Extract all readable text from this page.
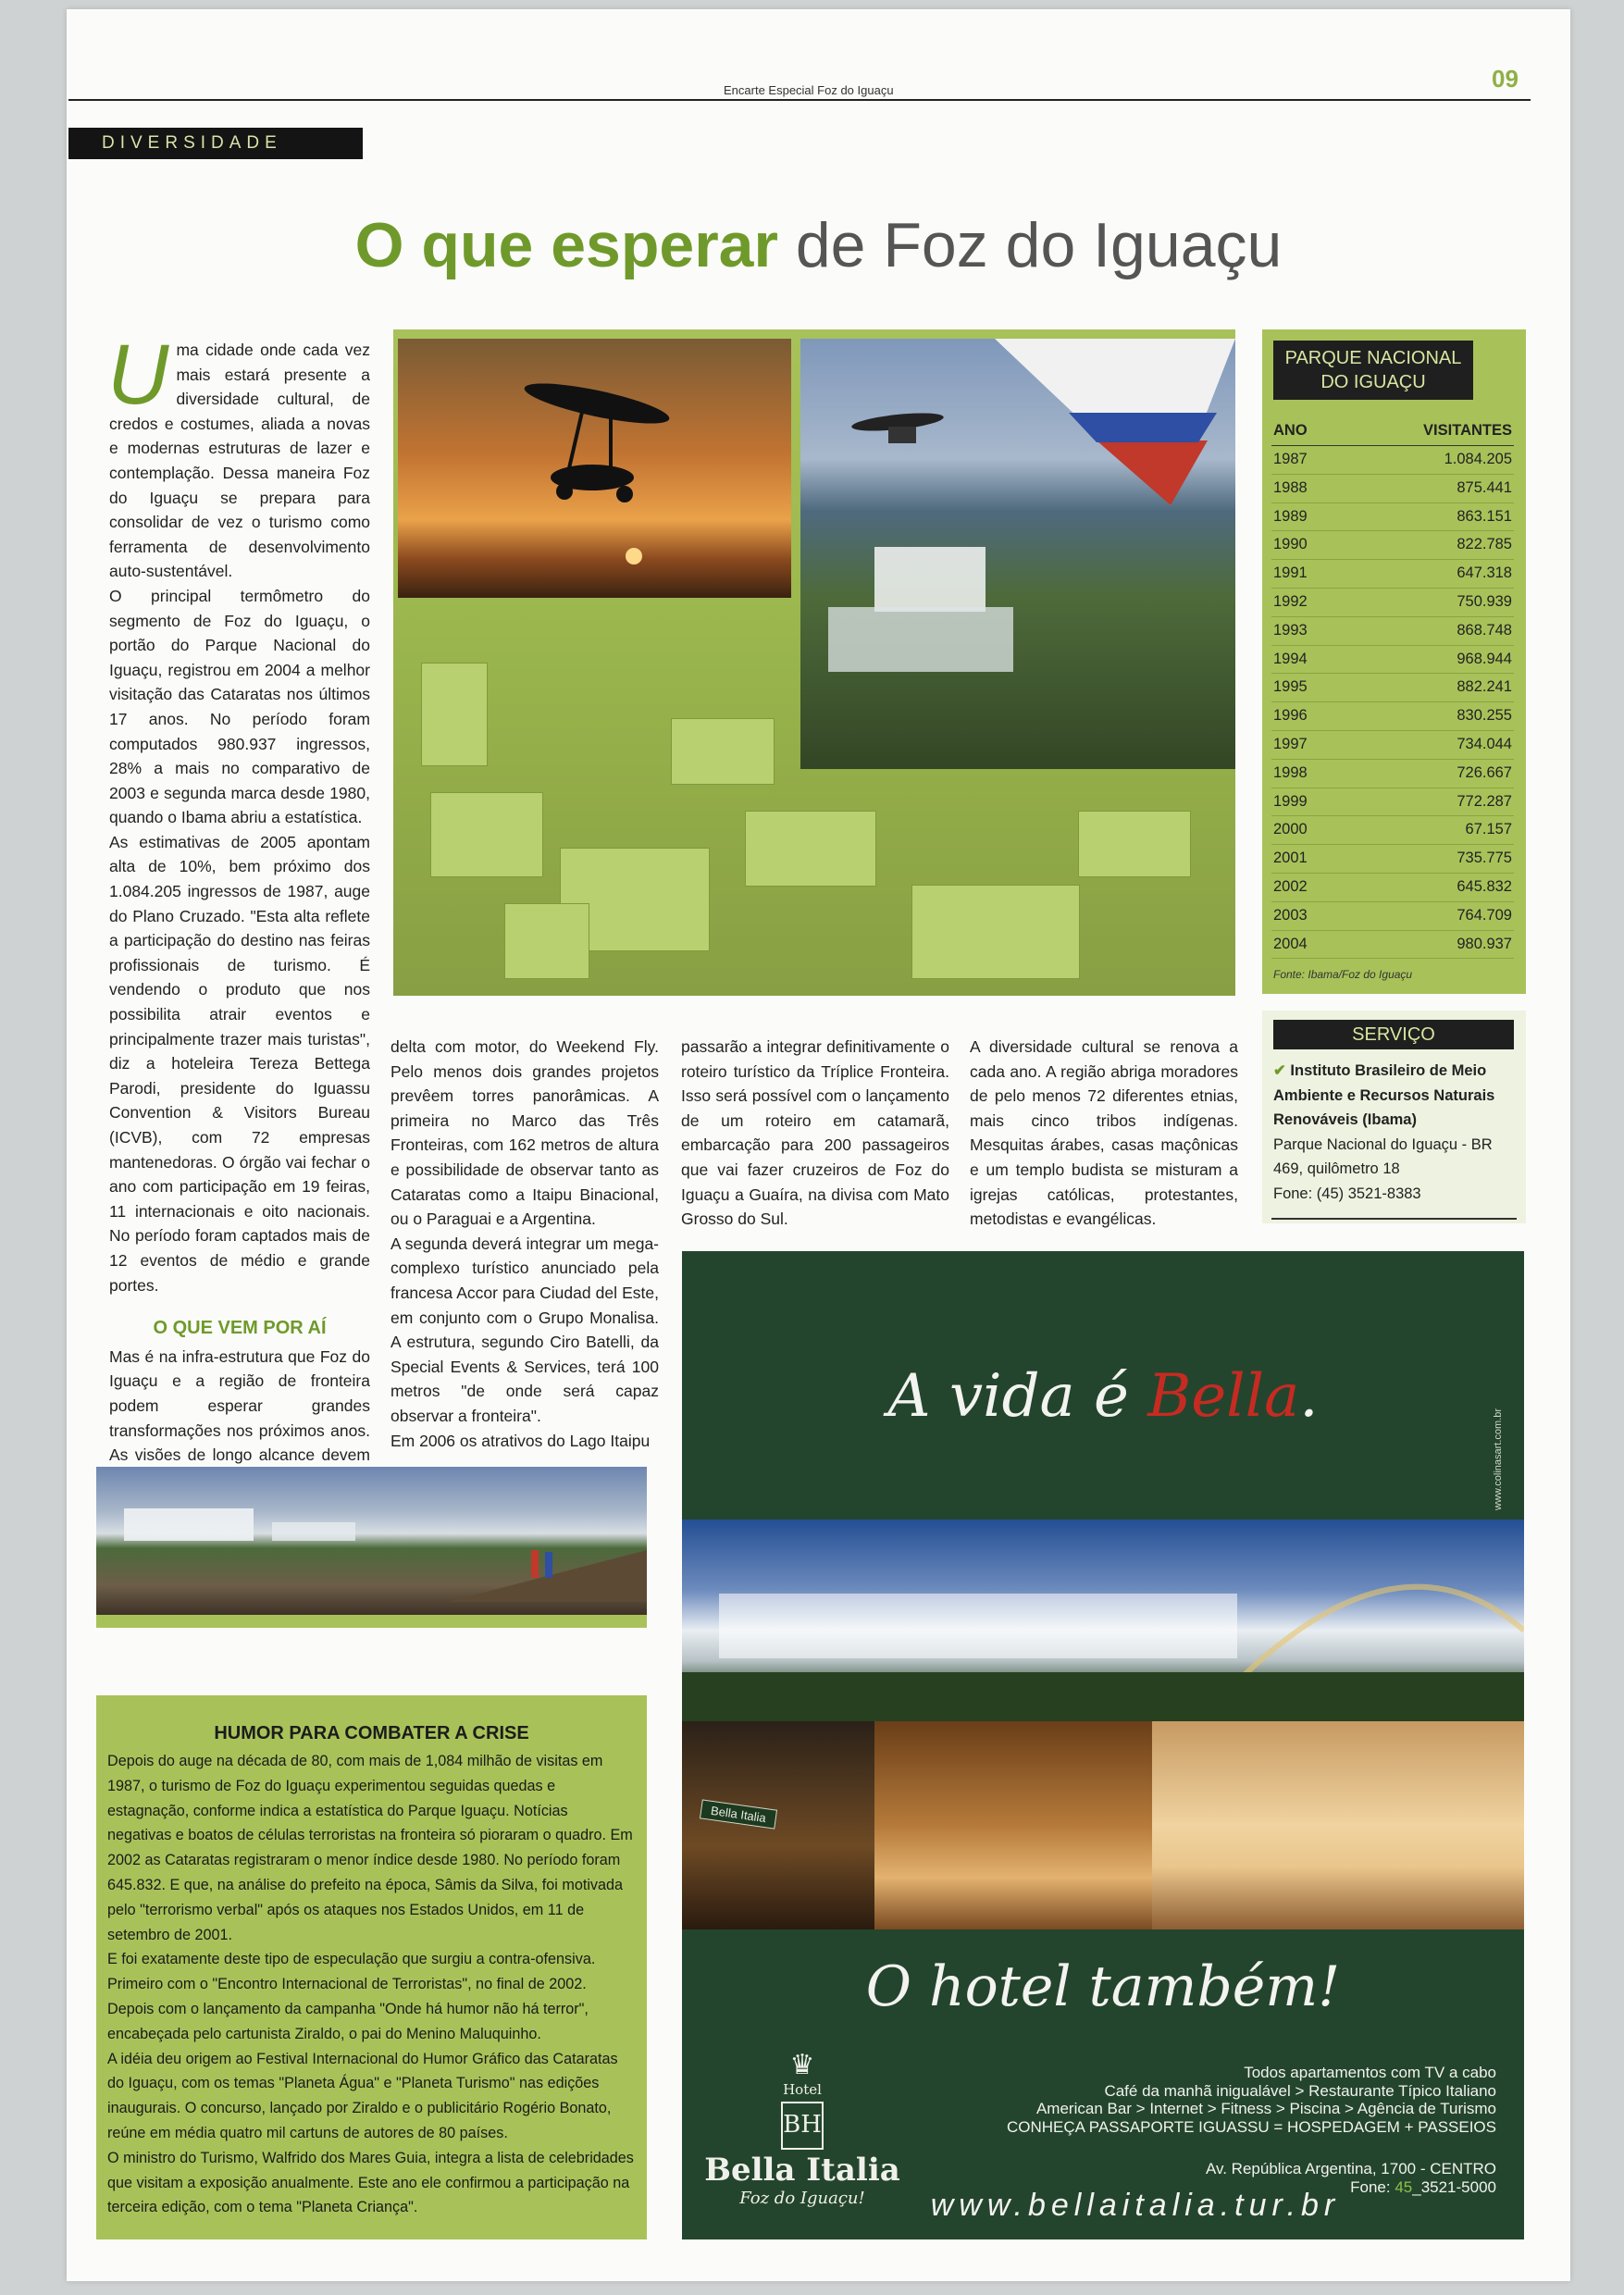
Encarte Especial Foz do Iguaçu	09
DIVERSIDADE
O que esperar de Foz do Iguaçu
U ma cidade onde cada vez mais estará presente a diversidade cultural, de credos e costumes, aliada a novas e modernas estruturas de lazer e contemplação. Dessa maneira Foz do Iguaçu se prepara para consolidar de vez o turismo como ferramenta de desenvolvimento auto-sustentável.

O principal termômetro do segmento de Foz do Iguaçu, o portão do Parque Nacional do Iguaçu, registrou em 2004 a melhor visitação das Cataratas nos últimos 17 anos. No período foram computados 980.937 ingressos, 28% a mais no comparativo de 2003 e segunda marca desde 1980, quando o Ibama abriu a estatística.

As estimativas de 2005 apontam alta de 10%, bem próximo dos 1.084.205 ingressos de 1987, auge do Plano Cruzado. "Esta alta reflete a participação do destino nas feiras profissionais de turismo. É vendendo o produto que nos possibilita atrair eventos e principalmente trazer mais turistas", diz a hoteleira Tereza Bettega Parodi, presidente do Iguassu Convention & Visitors Bureau (ICVB), com 72 empresas mantenedoras. O órgão vai fechar o ano com participação em 19 feiras, 11 internacionais e oito nacionais. No período foram captados mais de 12 eventos de médio e grande portes.

O QUE VEM POR AÍ

Mas é na infra-estrutura que Foz do Iguaçu e a região de fronteira podem esperar grandes transformações nos próximos anos. As visões de longo alcance devem

delta com motor, do Weekend Fly. Pelo menos dois grandes projetos prevêem torres panorâmicas. A primeira no Marco das Três Fronteiras, com 162 metros de altura e possibilidade de observar tanto as Cataratas como a Itaipu Binacional, ou o Paraguai e a Argentina.

A segunda deverá integrar um mega-complexo turístico anunciado pela francesa Accor para Ciudad del Este, em conjunto com o Grupo Monalisa. A estrutura, segundo Ciro Batelli, da Special Events & Services, terá 100 metros "de onde será capaz observar a fronteira".

Em 2006 os atrativos do Lago Itaipu

passarão a integrar definitivamente o roteiro turístico da Tríplice Fronteira. Isso será possível com o lançamento de um roteiro em catamarã, embarcação para 200 passageiros que vai fazer cruzeiros de Foz do Iguaçu a Guaíra, na divisa com Mato Grosso do Sul.

A diversidade cultural se renova a cada ano. A região abriga moradores de pelo menos 72 diferentes etnias, mais cinco tribos indígenas. Mesquitas árabes, casas maçônicas e um templo budista se misturam a igrejas católicas, protestantes, metodistas e evangélicas.

PARQUE NACIONAL DO IGUAÇU
ANO	VISITANTES
1987	1.084.205
1988	875.441
1989	863.151
1990	822.785
1991	647.318
1992	750.939
1993	868.748
1994	968.944
1995	882.241
1996	830.255
1997	734.044
1998	726.667
1999	772.287
2000	67.157
2001	735.775
2002	645.832
2003	764.709
2004	980.937
Fonte: Ibama/Foz do Iguaçu
SERVIÇO
✔ Instituto Brasileiro de Meio Ambiente e Recursos Naturais Renováveis (Ibama)
Parque Nacional do Iguaçu - BR 469, quilômetro 18
Fone: (45) 3521-8383
HUMOR PARA COMBATER A CRISE

Depois do auge na década de 80, com mais de 1,084 milhão de visitas em 1987, o turismo de Foz do Iguaçu experimentou seguidas quedas e estagnação, conforme indica a estatística do Parque Iguaçu. Notícias negativas e boatos de células terroristas na fronteira só pioraram o quadro. Em 2002 as Cataratas registraram o menor índice desde 1980. No período foram 645.832. E que, na análise do prefeito na época, Sâmis da Silva, foi motivada pelo "terrorismo verbal" após os ataques nos Estados Unidos, em 11 de setembro de 2001.

E foi exatamente deste tipo de especulação que surgiu a contra-ofensiva. Primeiro com o "Encontro Internacional de Terroristas", no final de 2002. Depois com o lançamento da campanha "Onde há humor não há terror", encabeçada pelo cartunista Ziraldo, o pai do Menino Maluquinho.

A idéia deu origem ao Festival Internacional do Humor Gráfico das Cataratas do Iguaçu, com os temas "Planeta Água" e "Planeta Turismo" nas edições inaugurais. O concurso, lançado por Ziraldo e o publicitário Rogério Bonato, reúne em média quatro mil cartuns de autores de 80 países.

O ministro do Turismo, Walfrido dos Mares Guia, integra a lista de celebridades que visitam a exposição anualmente. Este ano ele confirmou a participação na terceira edição, com o tema "Planeta Criança".

A vida é Bella.
www.colinasart.com.br
Bella Italia
O hotel também!
♛
Hotel
BH
Bella Italia
Foz do Iguaçu!
Todos apartamentos com TV a cabo
Café da manhã inigualável > Restaurante Típico Italiano
American Bar > Internet > Fitness > Piscina > Agência de Turismo
CONHEÇA PASSAPORTE IGUASSU = HOSPEDAGEM + PASSEIOS
Av. República Argentina, 1700 - CENTRO
Fone: 45_3521-5000
www.bellaitalia.tur.br
